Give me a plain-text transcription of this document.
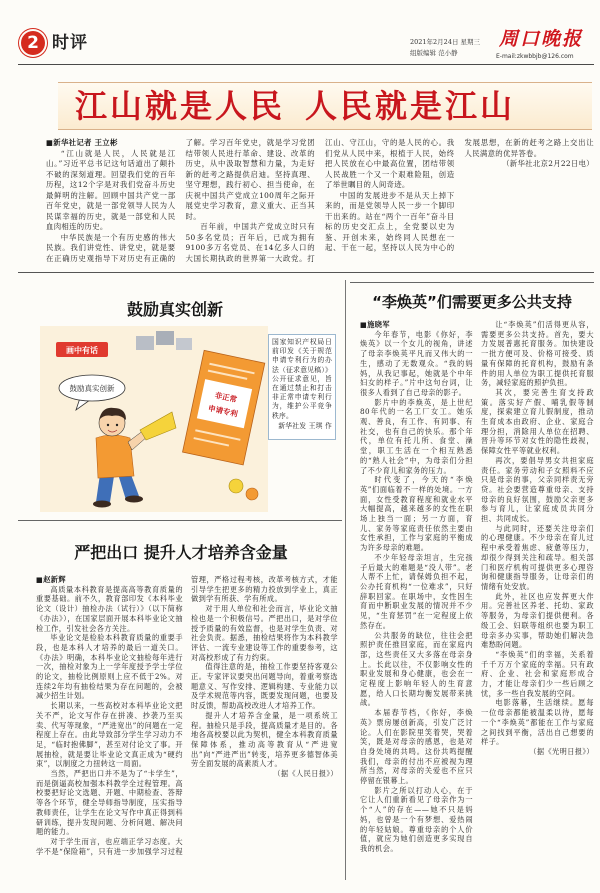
2 时评	2021年2月24日 星期三
组版编辑 范小静
周口晚报
E-mail:zkwbbjb@126.com
江山就是人民 人民就是江山

■新华社记者 王立彬

“江山就是人民，人民就是江山。”习近平总书记这句话道出了颠扑不破的深刻道理。回望我们党的百年历程，这12个字是对我们党奋斗历史最鲜明的注解。回顾中国共产党一部百年党史，就是一部党领导人民为人民谋幸福的历史，就是一部党和人民血肉相连的历史。

中华民族是一个有历史感的伟大民族。我们讲党性、讲党史，就是要在正确历史观指导下对历史有正确的了解。学习百年党史，就是学习党团结带领人民进行革命、建设、改革的历史，从中汲取智慧和力量，为走好新的赶考之路提供启迪。坚持真理、坚守理想，践行初心、担当使命，在庆祝中国共产党成立100周年之际开展党史学习教育，意义重大、正当其时。

百年前，中国共产党成立时只有50多名党员；百年后，已成为拥有9100多万名党员、在14亿多人口的大国长期执政的世界第一大政党。打江山、守江山，守的是人民的心。我们党从人民中来，根植于人民，始终把人民放在心中最高位置，团结带领人民战胜一个又一个艰难险阻，创造了举世瞩目的人间奇迹。

中国的发展进步不是从天上掉下来的，而是党领导人民一步一个脚印干出来的。站在“两个一百年”奋斗目标的历史交汇点上，全党要以史为鉴、开创未来，始终同人民想在一起、干在一起，坚持以人民为中心的发展思想，在新的赶考之路上交出让人民满意的优异答卷。

（新华社北京2月22日电）

鼓励真实创新
画中有话
鼓励真实创新
非正常
申请专利
国家知识产权局日前印发《关于规范申请专利行为的办法（征求意见稿）》公开征求意见，旨在通过禁止和打击非正常申请专利行为，维护公平竞争秩序。
新华社发 王琪 作
严把出口 提升人才培养含金量

■赵新辉

高质量本科教育是提高高等教育质量的重要基础。前不久，教育部印发《本科毕业论文（设计）抽检办法（试行）》（以下简称《办法》），在国家层面开展本科毕业论文抽检工作，引发社会各方关注。

毕业论文是检验本科教育质量的重要手段，也是本科人才培养的最后一道关口。《办法》明确，本科毕业论文抽检每年进行一次，抽检对象为上一学年度授予学士学位的论文，抽检比例原则上应不低于2%。对连续2年均有抽检结果为存在问题的，会被减少招生计划。

长期以来，一些高校对本科毕业论文把关不严，论文写作存在拼凑、抄袭乃至买卖、代写等现象，“严进宽出”的问题在一定程度上存在。由此导致部分学生学习动力不足，“临时抱佛脚”，甚至对付论文了事。开展抽检，就是要让毕业论文真正成为“硬约束”，以制度之力扭转这一局面。

当然，严把出口并不是为了“卡学生”，而是倒逼高校加强本科教学全过程管理。高校要把好论文选题、开题、中期检查、答辩等各个环节，健全导师指导制度，压实指导教师责任，让学生在论文写作中真正得到科研训练，提升发现问题、分析问题、解决问题的能力。

对于学生而言，也应端正学习态度。大学不是“保险箱”，只有进一步加强学习过程管理，严格过程考核，改革考核方式，才能引导学生把更多的精力投放到学业上，真正做到学有所获、学有所成。

对于用人单位和社会而言，毕业论文抽检也是一个积极信号。严把出口，是对学位授予质量的有效监督，也是对学生负责、对社会负责。据悉，抽检结果将作为本科教学评估、一流专业建设等工作的重要参考，这对高校形成了有力约束。

值得注意的是，抽检工作要坚持客观公正。专家评议要突出问题导向，着重考察选题意义、写作安排、逻辑构建、专业能力以及学术规范等内容，既要发现问题，也要及时反馈，帮助高校改进人才培养工作。

提升人才培养含金量，是一项系统工程。抽检只是手段，提高质量才是目的。各地各高校要以此为契机，健全本科教育质量保障体系，推动高等教育从“严进宽出”向“严进严出”转变，培养更多德智体美劳全面发展的高素质人才。

（据《人民日报》）

“李焕英”们需要更多公共支持

■施晓军

今年春节，电影《你好，李焕英》以一个女儿的视角，讲述了母亲李焕英平凡而又伟大的一生，感动了无数观众。“我的妈妈，从我记事起，她就是个中年妇女的样子。”片中这句台词，让很多人看到了自己母亲的影子。

影片中的李焕英，是上世纪80年代的一名工厂女工。她乐观、善良，有工作、有同事、有社交，也有自己的快乐。那个年代，单位有托儿所、食堂、澡堂，职工生活在一个相互熟悉的“熟人社会”中，为母亲们分担了不少育儿和家务的压力。

时代变了，今天的“李焕英”们面临着不一样的处境。一方面，女性受教育程度和就业水平大幅提高，越来越多的女性在职场上独当一面；另一方面，育儿、家务等家庭责任依然主要由女性承担，工作与家庭的平衡成为许多母亲的难题。

不少年轻母亲坦言，生完孩子后最大的难题是“没人带”。老人帮不上忙，请保姆负担不起，公办托育机构“一位难求”，只好辞职回家。在职场中，女性因生育而中断职业发展的情况并不少见，“生育惩罚”在一定程度上依然存在。

公共服务的缺位，往往会把照护责任推回家庭，而在家庭内部，这些责任又大多落在母亲身上。长此以往，不仅影响女性的职业发展和身心健康，也会在一定程度上影响年轻人的生育意愿，给人口长期均衡发展带来挑战。

本届春节档，《你好，李焕英》票房屡创新高，引发广泛讨论。人们在影院里笑着哭，哭着笑，既是对母亲的感恩，也是对自身处境的共鸣。这份共鸣提醒我们，母亲的付出不应被视为理所当然，对母亲的关爱也不应只停留在银幕上。

影片之所以打动人心，在于它让人们重新看见了母亲作为一个“人”的存在——她不只是妈妈，也曾是一个有梦想、爱热闹的年轻姑娘。尊重母亲的个人价值，就应为她们创造更多实现自我的机会。

让“李焕英”们活得更从容，需要更多公共支持。首先，要大力发展普惠托育服务。加快建设一批方便可及、价格可接受、质量有保障的托育机构，鼓励有条件的用人单位为职工提供托育服务，减轻家庭的照护负担。

其次，要完善生育支持政策。落实好产假、哺乳假等制度，探索建立育儿假制度，推动生育成本由政府、企业、家庭合理分担，消除用人单位在招聘、晋升等环节对女性的隐性歧视，保障女性平等就业权利。

再次，要倡导男女共担家庭责任。家务劳动和子女照料不应只是母亲的事，父亲同样责无旁贷。社会要营造尊重母亲、支持母亲的良好氛围，鼓励父亲更多参与育儿，让家庭成员共同分担、共同成长。

与此同时，还要关注母亲们的心理健康。不少母亲在育儿过程中承受着焦虑、疲惫等压力，却很少得到关注和疏导。相关部门和医疗机构可提供更多心理咨询和健康指导服务，让母亲们的情绪有处安放。

此外，社区也应发挥更大作用。完善社区养老、托幼、家政等服务，为母亲们提供便利。各级工会、妇联等组织也要为职工母亲多办实事，帮助她们解决急难愁盼问题。

“李焕英”们的幸福，关系着千千万万个家庭的幸福。只有政府、企业、社会和家庭形成合力，才能让母亲们少一些后顾之忧，多一些自我发展的空间。

电影落幕，生活继续。愿每一位母亲都能被温柔以待，愿每一个“李焕英”都能在工作与家庭之间找到平衡，活出自己想要的样子。

（据《光明日报》）
